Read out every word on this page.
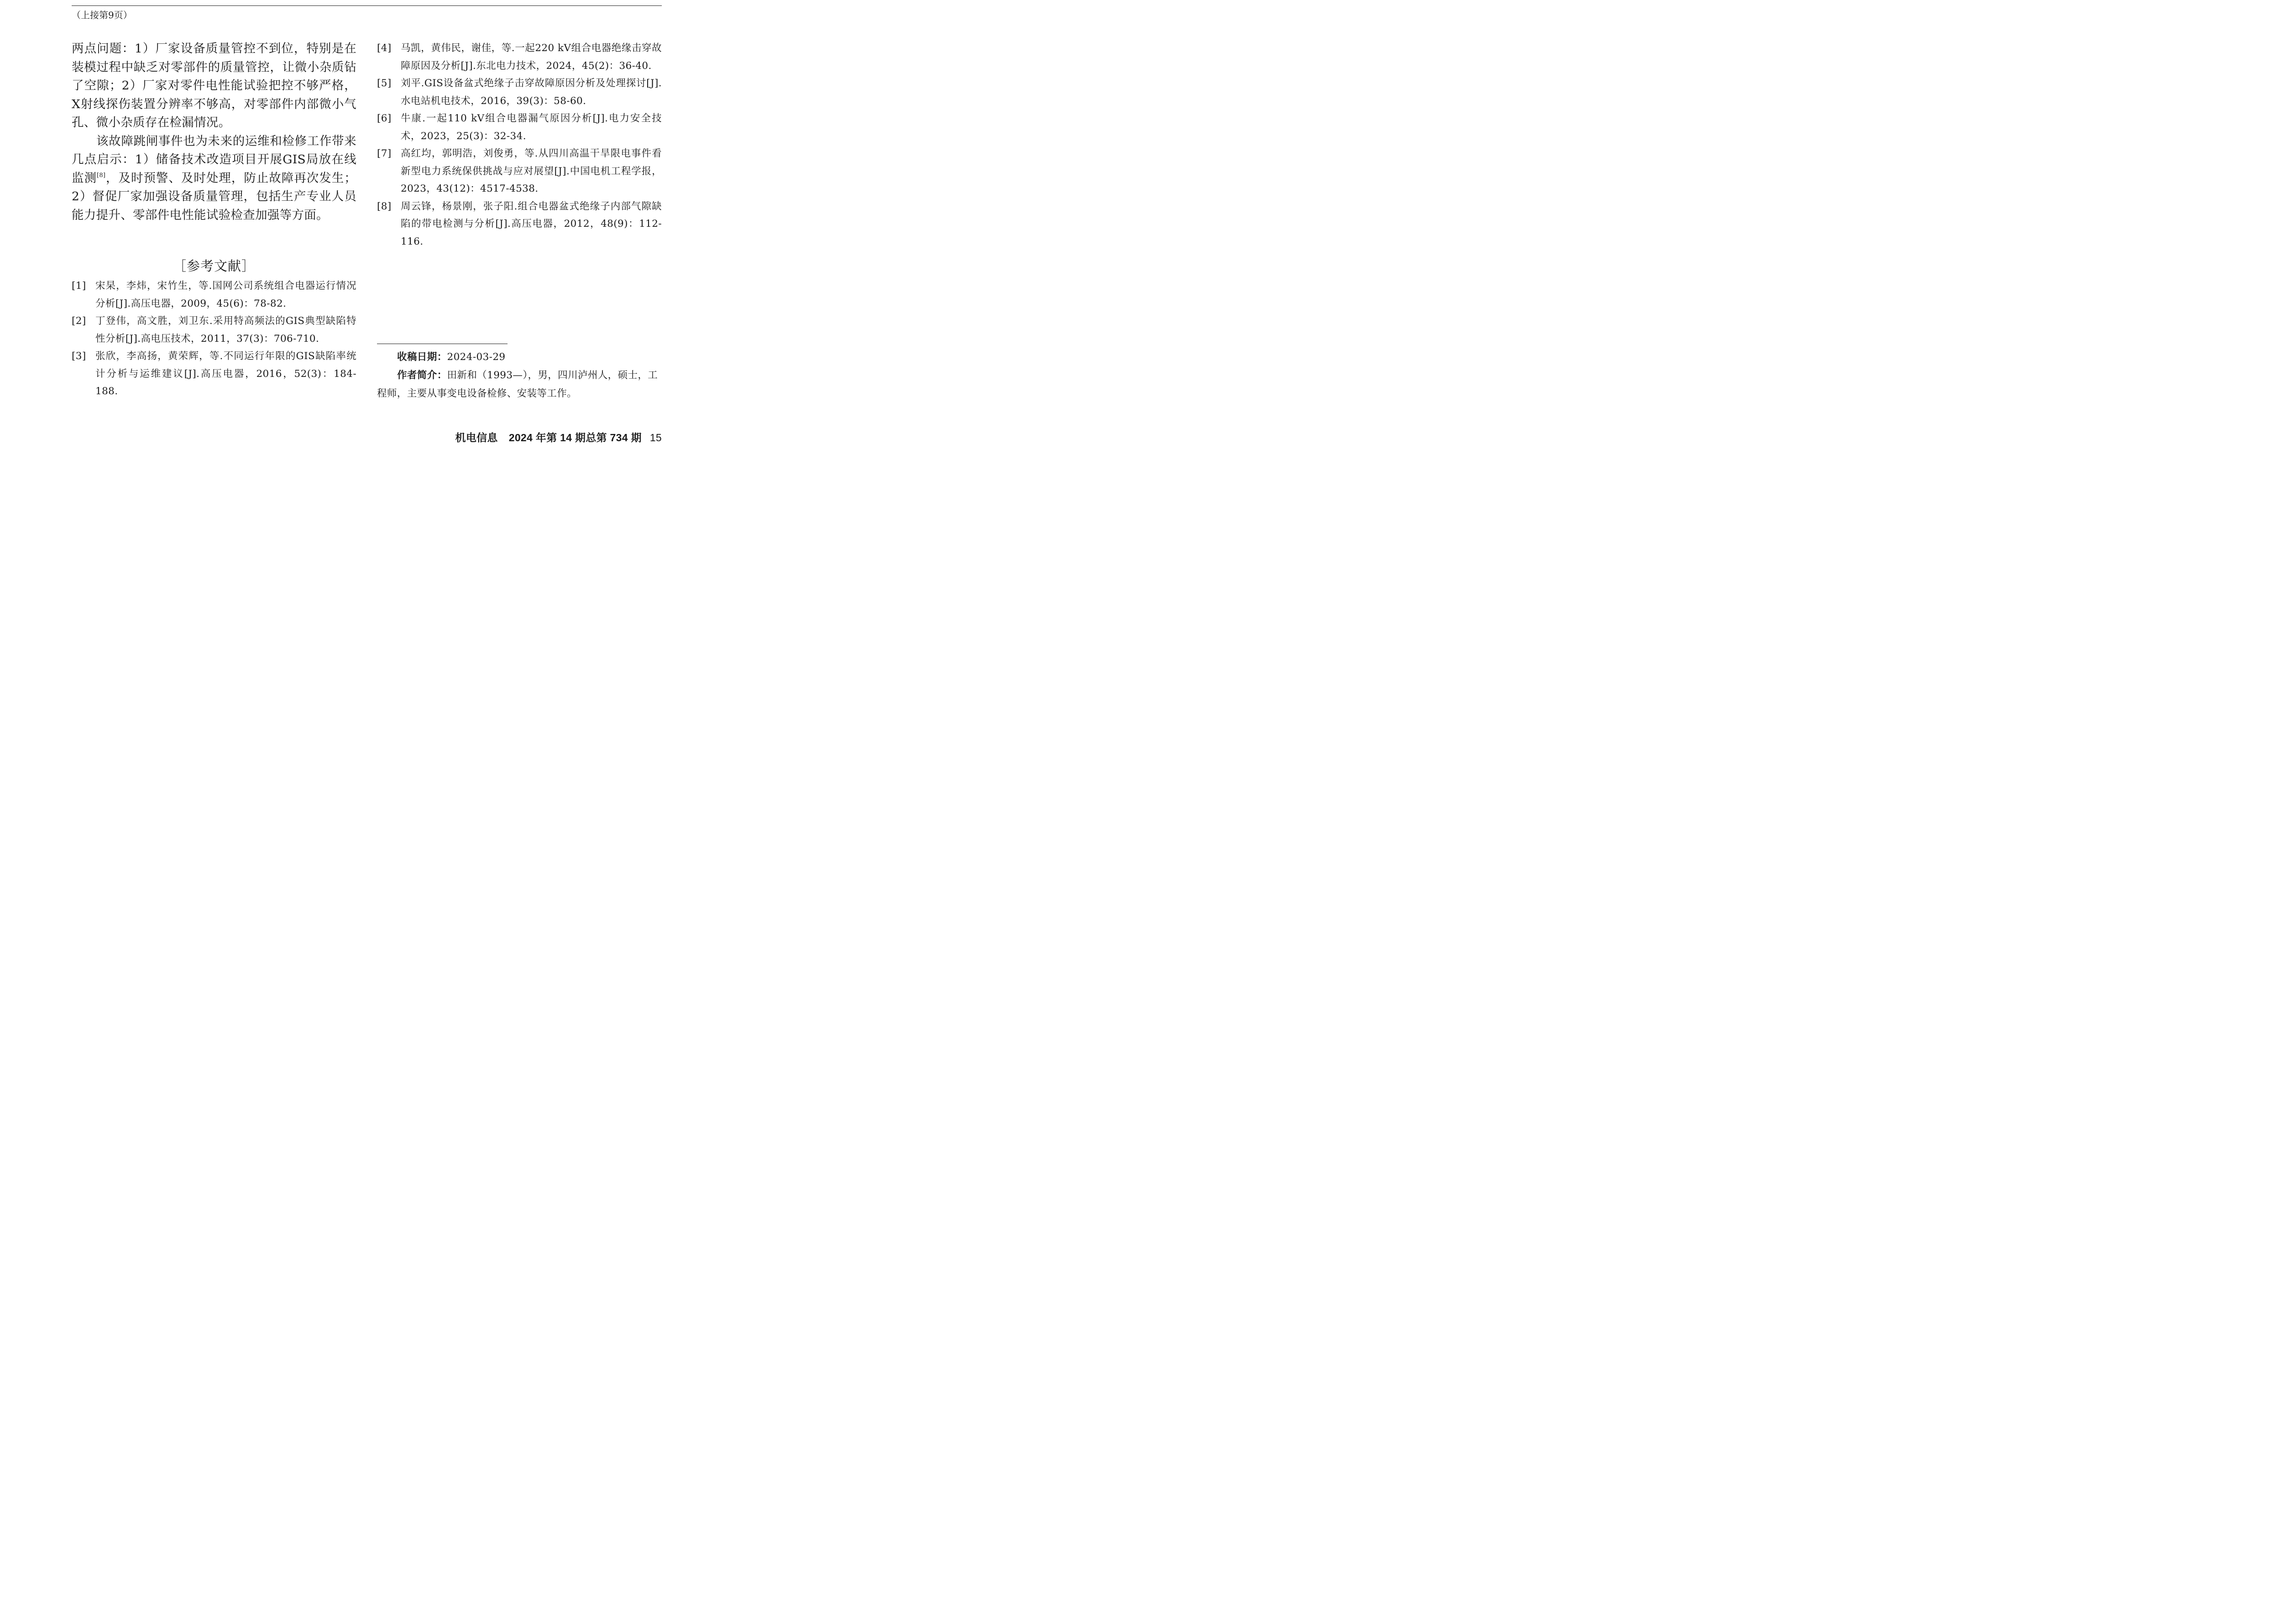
（上接第9页）

两点问题：1）厂家设备质量管控不到位，特别是在装模过程中缺乏对零部件的质量管控，让微小杂质钻了空隙；2）厂家对零件电性能试验把控不够严格，X射线探伤装置分辨率不够高，对零部件内部微小气孔、微小杂质存在检漏情况。

该故障跳闸事件也为未来的运维和检修工作带来几点启示：1）储备技术改造项目开展GIS局放在线监测[8]，及时预警、及时处理，防止故障再次发生；2）督促厂家加强设备质量管理，包括生产专业人员能力提升、零部件电性能试验检查加强等方面。

［参考文献］
[1] 宋杲，李炜，宋竹生，等.国网公司系统组合电器运行情况分析[J].高压电器，2009，45(6)：78-82.
[2] 丁登伟，高文胜，刘卫东.采用特高频法的GIS典型缺陷特性分析[J].高电压技术，2011，37(3)：706-710.
[3] 张欣，李高扬，黄荣辉，等.不同运行年限的GIS缺陷率统计分析与运维建议[J].高压电器，2016，52(3)：184-188.
[4] 马凯，黄伟民，谢佳，等.一起220 kV组合电器绝缘击穿故障原因及分析[J].东北电力技术，2024，45(2)：36-40.
[5] 刘平.GIS设备盆式绝缘子击穿故障原因分析及处理探讨[J].水电站机电技术，2016，39(3)：58-60.
[6] 牛康.一起110 kV组合电器漏气原因分析[J].电力安全技术，2023，25(3)：32-34.
[7] 高红均，郭明浩，刘俊勇，等.从四川高温干旱限电事件看新型电力系统保供挑战与应对展望[J].中国电机工程学报，2023，43(12)：4517-4538.
[8] 周云锋，杨景刚，张子阳.组合电器盆式绝缘子内部气隙缺陷的带电检测与分析[J].高压电器，2012，48(9)：112-116.

收稿日期：2024-03-29

作者简介：田新和（1993—），男，四川泸州人，硕士，工程师，主要从事变电设备检修、安装等工作。

机电信息 2024 年第 14 期总第 734 期 15
